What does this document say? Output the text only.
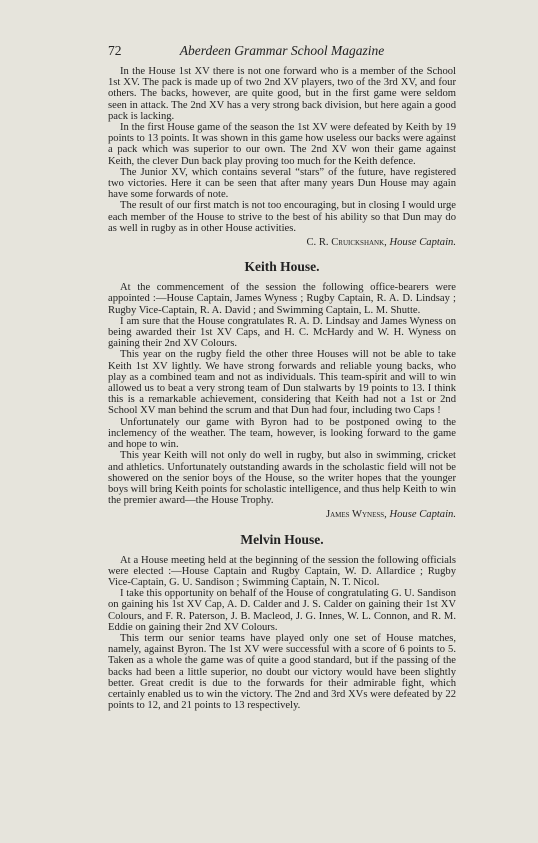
72	Aberdeen Grammar School Magazine

In the House 1st XV there is not one forward who is a member of the School 1st XV. The pack is made up of two 2nd XV players, two of the 3rd XV, and four others. The backs, however, are quite good, but in the first game were seldom seen in attack. The 2nd XV has a very strong back division, but here again a good pack is lacking.

In the first House game of the season the 1st XV were defeated by Keith by 19 points to 13 points. It was shown in this game how useless our backs were against a pack which was superior to our own. The 2nd XV won their game against Keith, the clever Dun back play proving too much for the Keith defence.

The Junior XV, which contains several “stars” of the future, have registered two victories. Here it can be seen that after many years Dun House may again have some forwards of note.

The result of our first match is not too encouraging, but in closing I would urge each member of the House to strive to the best of his ability so that Dun may do as well in rugby as in other House activities.

C. R. Cruickshank, House Captain.

Keith House.

At the commencement of the session the following office-bearers were appointed :—House Captain, James Wyness ; Rugby Captain, R. A. D. Lindsay ; Rugby Vice-Captain, R. A. David ; and Swimming Captain, L. M. Shutte.

I am sure that the House congratulates R. A. D. Lindsay and James Wyness on being awarded their 1st XV Caps, and H. C. McHardy and W. H. Wyness on gaining their 2nd XV Colours.

This year on the rugby field the other three Houses will not be able to take Keith 1st XV lightly. We have strong forwards and reliable young backs, who play as a combined team and not as individuals. This team-spirit and will to win allowed us to beat a very strong team of Dun stalwarts by 19 points to 13. I think this is a remarkable achievement, considering that Keith had not a 1st or 2nd School XV man behind the scrum and that Dun had four, including two Caps !

Unfortunately our game with Byron had to be postponed owing to the inclemency of the weather. The team, however, is looking forward to the game and hope to win.

This year Keith will not only do well in rugby, but also in swimming, cricket and athletics. Unfortunately outstanding awards in the scholastic field will not be showered on the senior boys of the House, so the writer hopes that the younger boys will bring Keith points for scholastic intelligence, and thus help Keith to win the premier award—the House Trophy.

James Wyness, House Captain.

Melvin House.

At a House meeting held at the beginning of the session the following officials were elected :—House Captain and Rugby Captain, W. D. Allardice ; Rugby Vice-Captain, G. U. Sandison ; Swimming Captain, N. T. Nicol.

I take this opportunity on behalf of the House of congratulating G. U. Sandison on gaining his 1st XV Cap, A. D. Calder and J. S. Calder on gaining their 1st XV Colours, and F. R. Paterson, J. B. Macleod, J. G. Innes, W. L. Connon, and R. M. Eddie on gaining their 2nd XV Colours.

This term our senior teams have played only one set of House matches, namely, against Byron. The 1st XV were successful with a score of 6 points to 5. Taken as a whole the game was of quite a good standard, but if the passing of the backs had been a little superior, no doubt our victory would have been slightly better. Great credit is due to the forwards for their admirable fight, which certainly enabled us to win the victory. The 2nd and 3rd XVs were defeated by 22 points to 12, and 21 points to 13 respectively.
